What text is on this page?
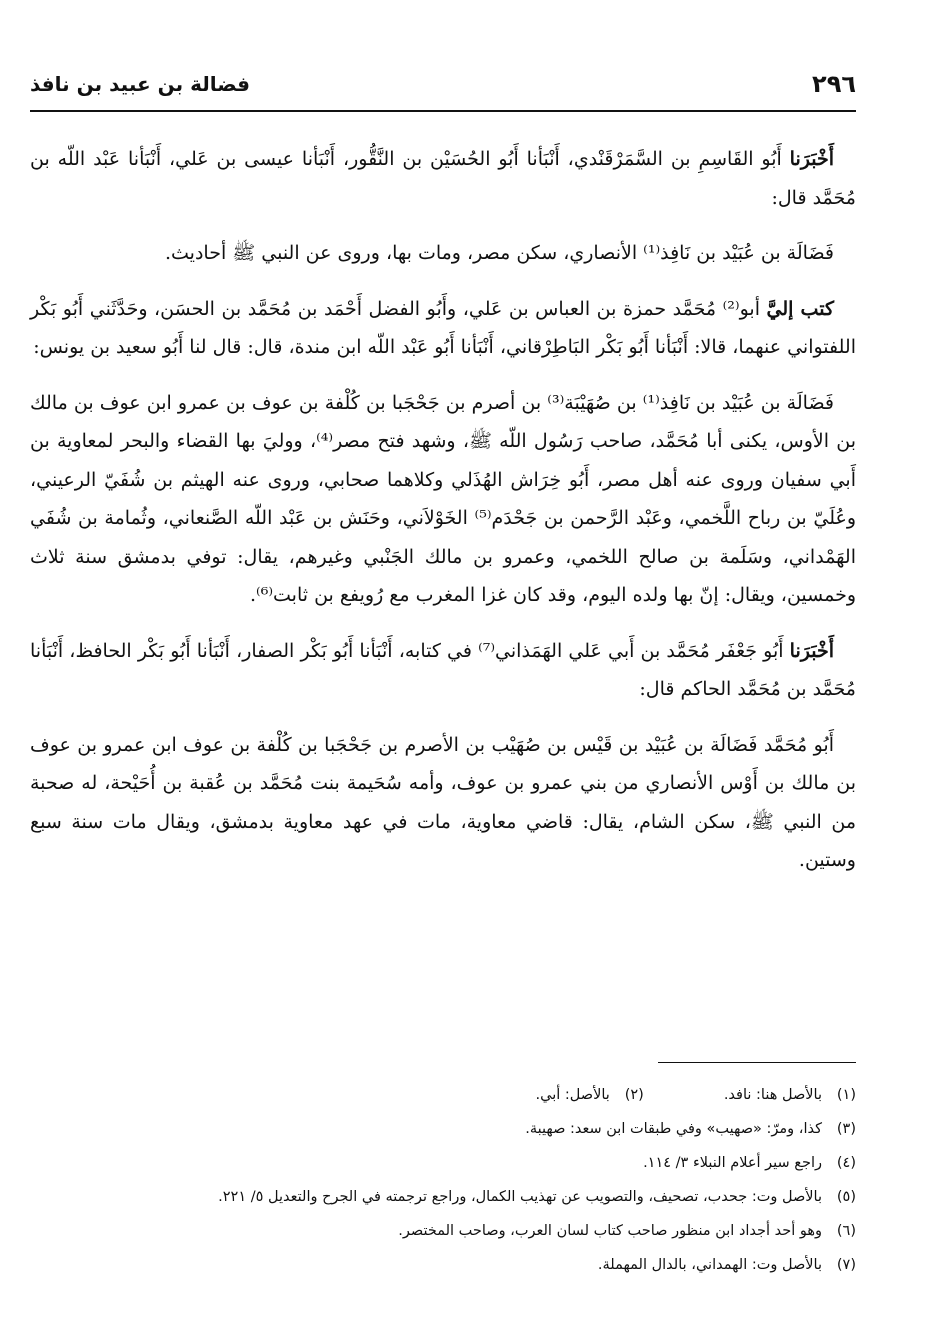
٢٩٦
فضالة بن عبيد بن نافذ

أَخْبَرَنا أَبُو القَاسِمِ بن السَّمَرْقَنْدي، أَنْبَأنا أَبُو الحُسَيْن بن النَّقُّور، أَنْبَأنا عيسى بن عَلي، أَنْبَأنا عَبْد اللّه بن مُحَمَّد قال:

فَضَالَة بن عُبَيْد بن نَافِذ⁽¹⁾ الأنصاري، سكن مصر، ومات بها، وروى عن النبي ﷺ أحاديث.

كتب إليَّ أبو⁽²⁾ مُحَمَّد حمزة بن العباس بن عَلي، وأَبُو الفضل أَحْمَد بن مُحَمَّد بن الحسَن، وحَدَّثَني أَبُو بَكْر اللفتواني عنهما، قالا: أَنْبَأنا أَبُو بَكْر البَاطِرْقاني، أَنْبَأنا أَبُو عَبْد اللّه ابن مندة، قال: قال لنا أَبُو سعيد بن يونس:

فَضَالَة بن عُبَيْد بن نَافِذ⁽¹⁾ بن صُهَيْبَة⁽³⁾ بن أصرم بن جَحْجَبا بن كُلْفة بن عوف بن عمرو ابن عوف بن مالك بن الأوس، يكنى أبا مُحَمَّد، صاحب رَسُول اللّه ﷺ، وشهد فتح مصر⁽⁴⁾، ووليَ بها القضاء والبحر لمعاوية بن أَبي سفيان وروى عنه أهل مصر، أَبُو خِرَاش الهُذَلي وكلاهما صحابي، وروى عنه الهيثم بن شُفَيّ الرعيني، وعُلَيّ بن رباح اللَّخمي، وعَبْد الرَّحمن بن جَحْدَم⁽⁵⁾ الخَوْلاَني، وحَنَش بن عَبْد اللّه الصَّنعاني، وثُمامة بن شُفَي الهَمْداني، وسَلَمة بن صالح اللخمي، وعمرو بن مالك الجَنْبي وغيرهم، يقال: توفي بدمشق سنة ثلاث وخمسين، ويقال: إنّ بها ولده اليوم، وقد كان غزا المغرب مع رُويفع بن ثابت⁽⁶⁾.

أَخْبَرَنا أَبُو جَعْفَر مُحَمَّد بن أَبي عَلي الهَمَذاني⁽⁷⁾ في كتابه، أَنْبَأنا أَبُو بَكْر الصفار، أَنْبَأنا أَبُو بَكْر الحافظ، أَنْبَأنا مُحَمَّد بن مُحَمَّد الحاكم قال:

أَبُو مُحَمَّد فَضَالَة بن عُبَيْد بن قَيْس بن صُهَيْب بن الأصرم بن جَحْجَبا بن كُلْفة بن عوف ابن عمرو بن عوف بن مالك بن أَوْس الأنصاري من بني عمرو بن عوف، وأمه سُحَيمة بنت مُحَمَّد بن عُقبة بن أُحَيْحة، له صحبة من النبي ﷺ، سكن الشام، يقال: قاضي معاوية، مات في عهد معاوية بدمشق، ويقال مات سنة سبع وستين.

(١)بالأصل هنا: نافد.(٢)بالأصل: أبي.
(٣)كذا، ومرّ: «صهيب» وفي طبقات ابن سعد: صهيبة.
(٤)راجع سير أعلام النبلاء ٣/ ١١٤.
(٥)بالأصل وت: جحدب، تصحيف، والتصويب عن تهذيب الكمال، وراجع ترجمته في الجرح والتعديل ٥/ ٢٢١.
(٦)وهو أحد أجداد ابن منظور صاحب كتاب لسان العرب، وصاحب المختصر.
(٧)بالأصل وت: الهمداني، بالدال المهملة.
